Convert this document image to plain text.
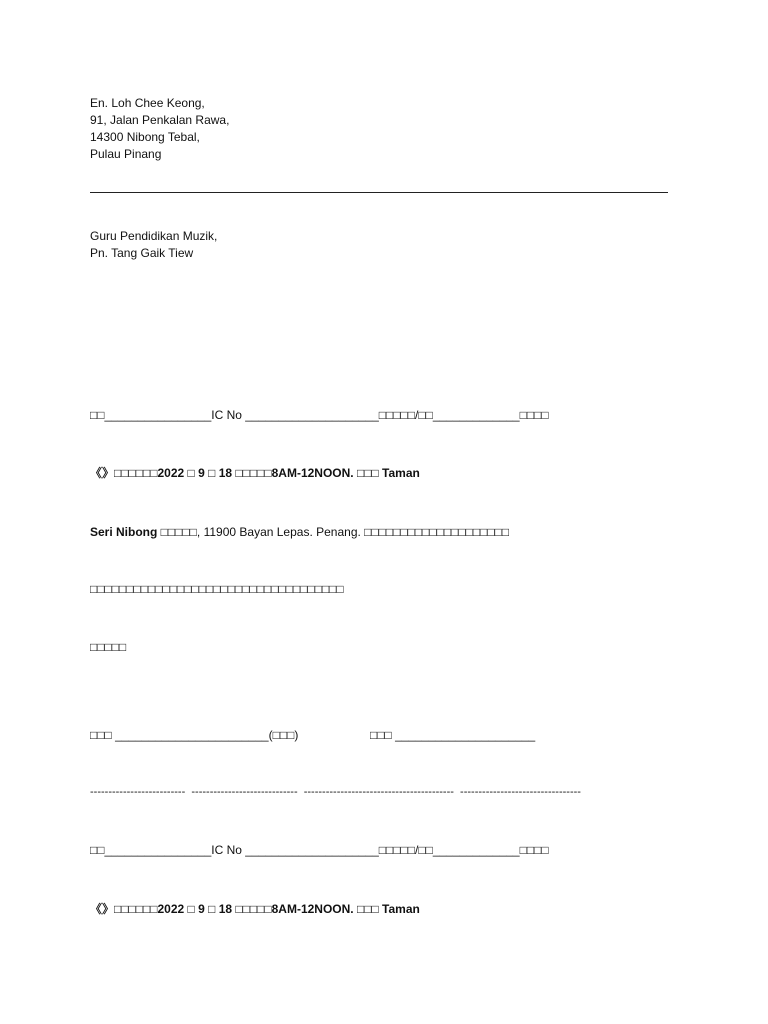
En. Loh Chee Keong,
91, Jalan Penkalan Rawa,
14300 Nibong Tebal,
Pulau Pinang
Guru Pendidikan Muzik,
Pn. Tang Gaik Tiew
□□________________IC No ____________________□□□□□/□□_____________□□□□
《》□□□□□□2022 □ 9 □ 18 □□□□□8AM-12NOON. □□□ Taman
Seri Nibong □□□□□, 11900 Bayan Lepas. Penang. □□□□□□□□□□□□□□□□□□□□
□□□□□□□□□□□□□□□□□□□□□□□□□□□□□□□□□□□
□□□□□
□□□ _______________________(□□□)	□□□ _____________________
-------------------------- ----------------------------- ----------------------------------------- ---------------------------------
□□________________IC No ____________________□□□□□/□□_____________□□□□
《》□□□□□□2022 □ 9 □ 18 □□□□□8AM-12NOON. □□□ Taman
